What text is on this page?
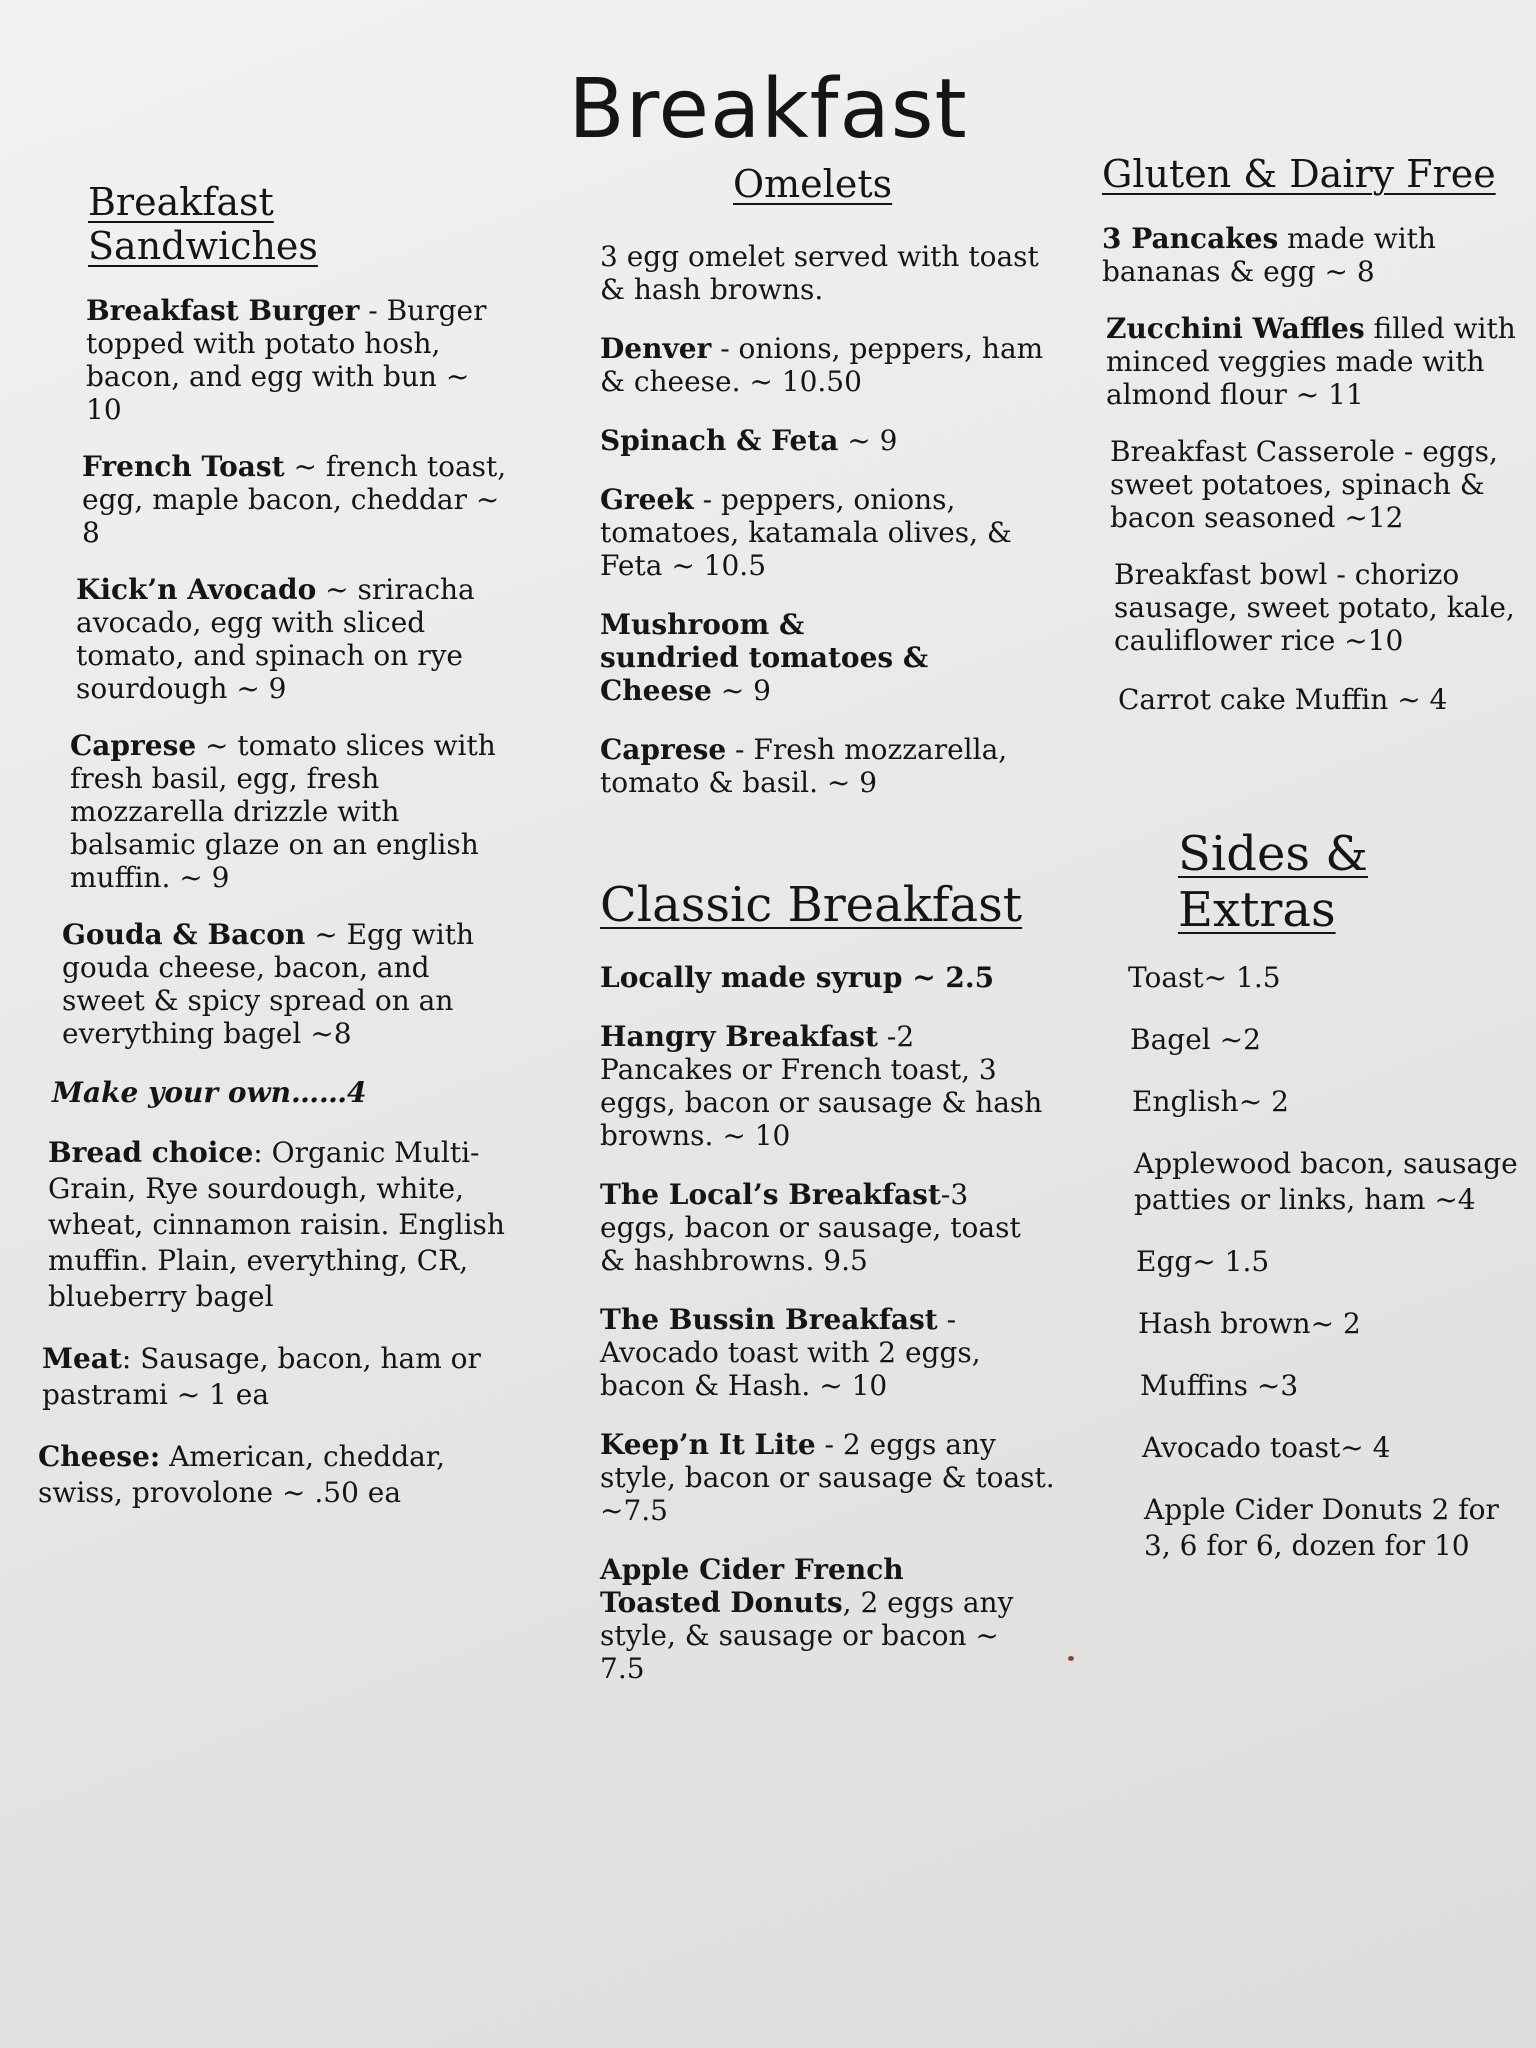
Breakfast
Breakfast Sandwiches

Breakfast Burger - Burger topped with potato hosh, bacon, and egg with bun ~ 10

French Toast ~ french toast, egg, maple bacon, cheddar ~ 8

Kick’n Avocado ~ sriracha avocado, egg with sliced tomato, and spinach on rye sourdough ~ 9

Caprese ~ tomato slices with fresh basil, egg, fresh mozzarella drizzle with balsamic glaze on an english muffin. ~ 9

Gouda & Bacon ~ Egg with gouda cheese, bacon, and sweet & spicy spread on an everything bagel ~8

Make your own……4

Bread choice: Organic Multi-Grain, Rye sourdough, white, wheat, cinnamon raisin. English muffin. Plain, everything, CR, blueberry bagel

Meat: Sausage, bacon, ham or pastrami ~ 1 ea

Cheese: American, cheddar, swiss, provolone ~ .50 ea

Omelets

3 egg omelet served with toast & hash browns.

Denver - onions, peppers, ham & cheese. ~ 10.50

Spinach & Feta ~ 9

Greek - peppers, onions, tomatoes, katamala olives, & Feta ~ 10.5

Mushroom & sundried tomatoes & Cheese ~ 9

Caprese - Fresh mozzarella, tomato & basil. ~ 9

Classic Breakfast

Locally made syrup ~ 2.5

Hangry Breakfast -2 Pancakes or French toast, 3 eggs, bacon or sausage & hash browns. ~ 10

The Local’s Breakfast-3 eggs, bacon or sausage, toast & hashbrowns. 9.5

The Bussin Breakfast - Avocado toast with 2 eggs, bacon & Hash. ~ 10

Keep’n It Lite - 2 eggs any style, bacon or sausage & toast. ~7.5

Apple Cider French Toasted Donuts, 2 eggs any style, & sausage or bacon ~ 7.5

Gluten & Dairy Free

3 Pancakes made with bananas & egg ~ 8

Zucchini Waffles filled with minced veggies made with almond flour ~ 11

Breakfast Casserole - eggs, sweet potatoes, spinach & bacon seasoned ~12

Breakfast bowl - chorizo sausage, sweet potato, kale, cauliflower rice ~10

Carrot cake Muffin ~ 4

Sides & Extras

Toast~ 1.5

Bagel ~2

English~ 2

Applewood bacon, sausage patties or links, ham ~4

Egg~ 1.5

Hash brown~ 2

Muffins ~3

Avocado toast~ 4

Apple Cider Donuts 2 for 3, 6 for 6, dozen for 10
